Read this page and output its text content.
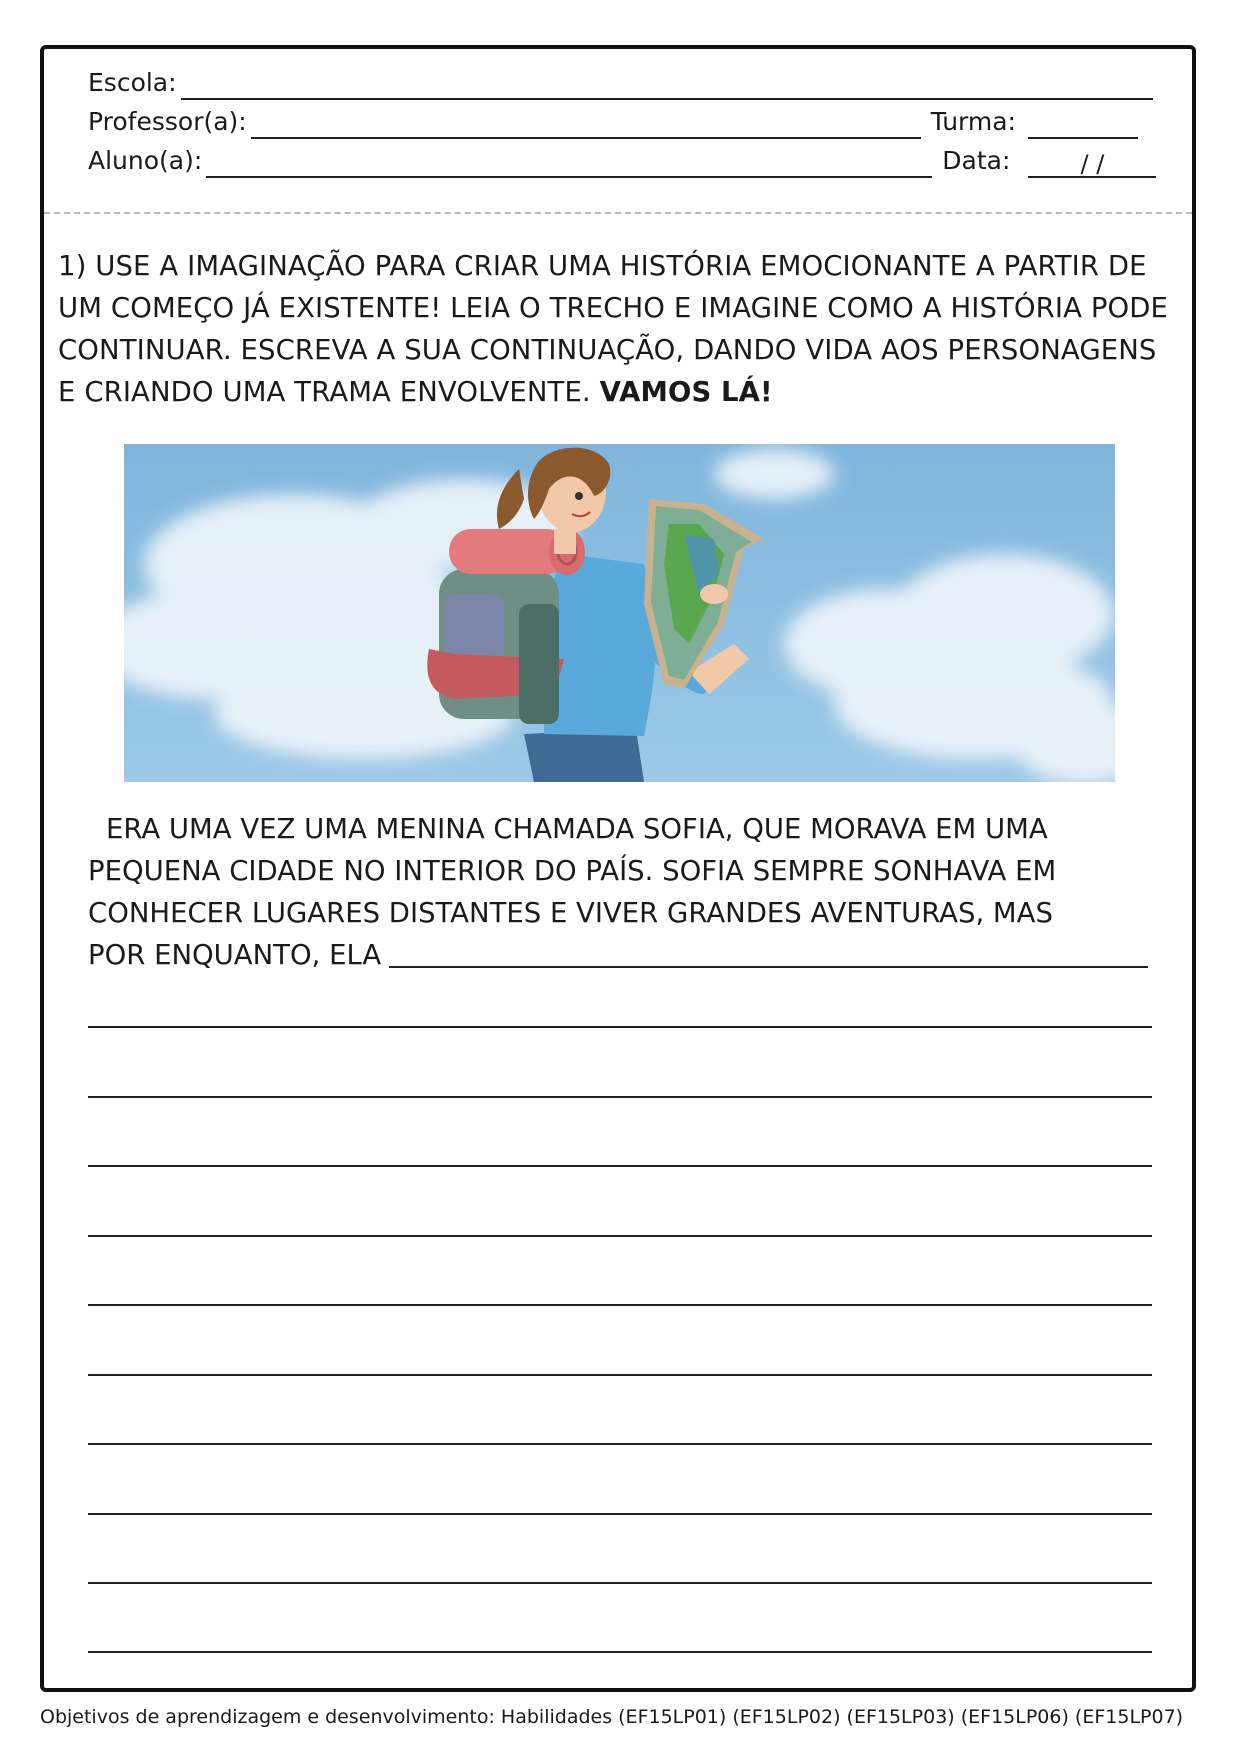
Escola:
Professor(a):	Turma:
Aluno(a):	Data:	/ /
1) USE A IMAGINAÇÃO PARA CRIAR UMA HISTÓRIA EMOCIONANTE A PARTIR DE UM COMEÇO JÁ EXISTENTE! LEIA O TRECHO E IMAGINE COMO A HISTÓRIA PODE CONTINUAR. ESCREVA A SUA CONTINUAÇÃO, DANDO VIDA AOS PERSONAGENS E CRIANDO UMA TRAMA ENVOLVENTE. VAMOS LÁ!
ERA UMA VEZ UMA MENINA CHAMADA SOFIA, QUE MORAVA EM UMA
PEQUENA CIDADE NO INTERIOR DO PAÍS. SOFIA SEMPRE SONHAVA EM
CONHECER LUGARES DISTANTES E VIVER GRANDES AVENTURAS, MAS
POR ENQUANTO, ELA
Objetivos de aprendizagem e desenvolvimento: Habilidades (EF15LP01) (EF15LP02) (EF15LP03) (EF15LP06) (EF15LP07)
